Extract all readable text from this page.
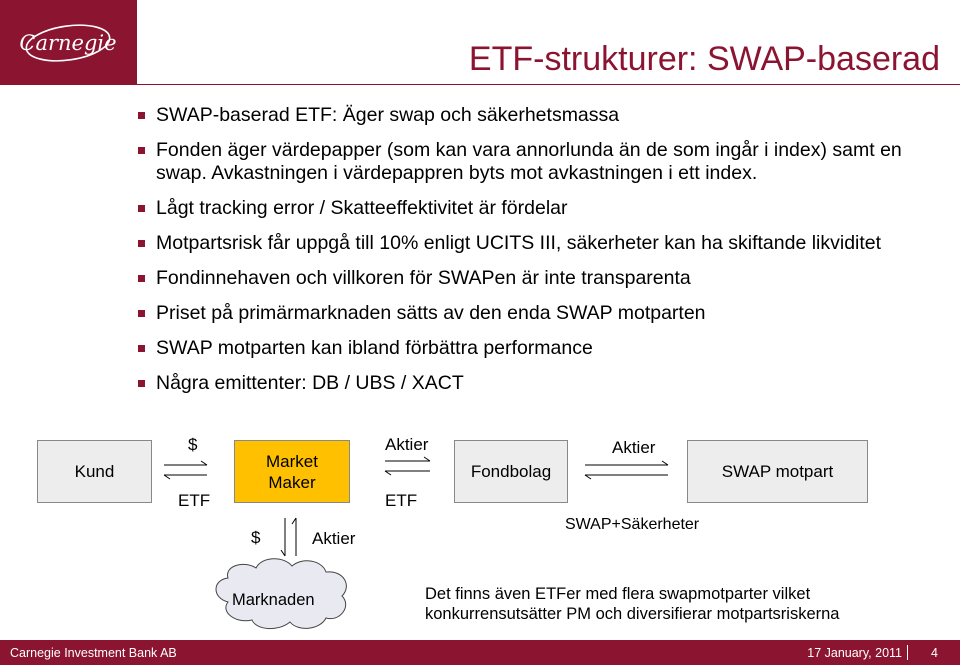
Carnegie	ETF-strukturer: SWAP-baserad
SWAP-baserad ETF: Äger swap och säkerhetsmassa
Fonden äger värdepapper (som kan vara annorlunda än de som ingår i index) samt en swap. Avkastningen i värdepappren byts mot avkastningen i ett index.
Lågt tracking error / Skatteeffektivitet är fördelar
Motpartsrisk får uppgå till 10% enligt UCITS III, säkerheter kan ha skiftande likviditet
Fondinnehaven och villkoren för SWAPen är inte transparenta
Priset på primärmarknaden sätts av den enda SWAP motparten
SWAP motparten kan ibland förbättra performance
Några emittenter: DB / UBS / XACT
Kund
Market Maker
Fondbolag	SWAP motpart
Marknaden
$
ETF
Aktier
ETF
Aktier
SWAP+Säkerheter
$	Aktier
Det finns även ETFer med flera swapmotparter vilket
konkurrensutsätter PM och diversifierar motpartsriskerna
Carnegie Investment Bank AB	17 January, 2011 4
